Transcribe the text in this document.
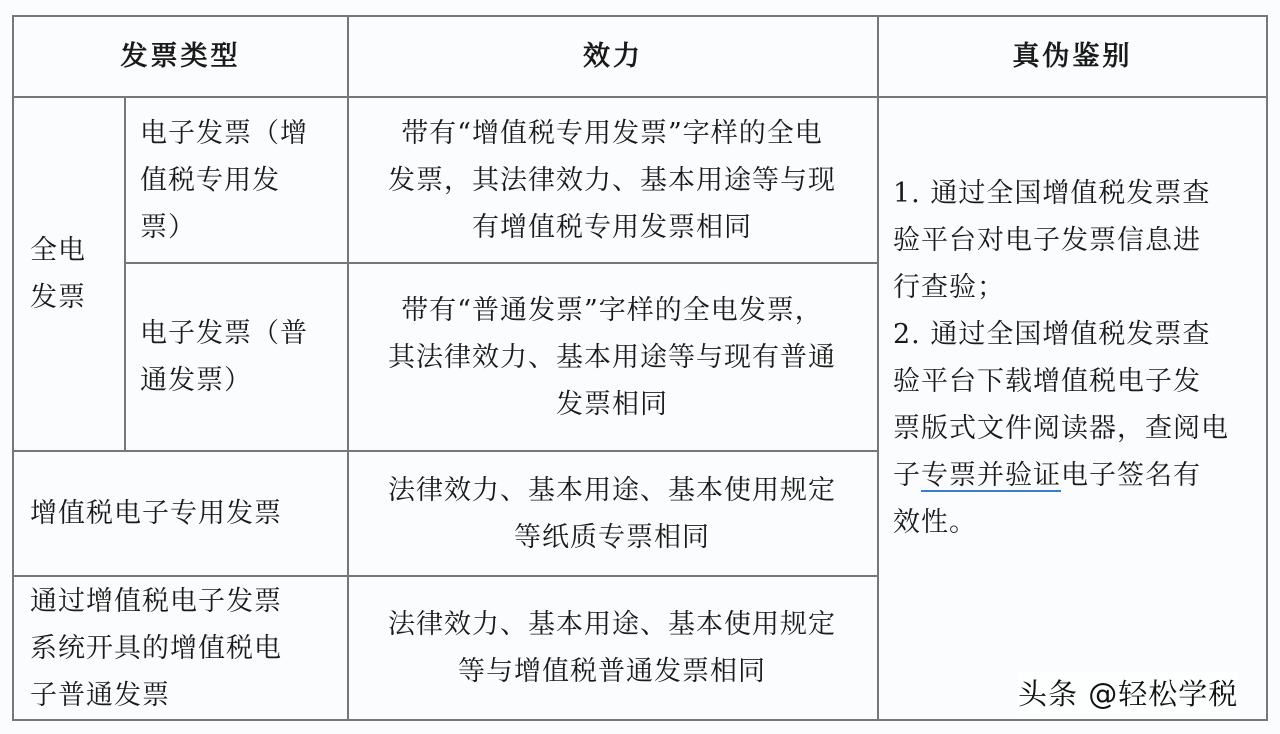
发票类型	效力	真伪鉴别
全电
发票
电子发票（增
值税专用发
票）
带有“增值税专用发票”字样的全电
发票，其法律效力、基本用途等与现
有增值税专用发票相同
电子发票（普
通发票）
带有“普通发票”字样的全电发票，
其法律效力、基本用途等与现有普通
发票相同
增值税电子专用发票
法律效力、基本用途、基本使用规定
等纸质专票相同
通过增值税电子发票
系统开具的增值税电
子普通发票
法律效力、基本用途、基本使用规定
等与增值税普通发票相同
1. 通过全国增值税发票查
验平台对电子发票信息进
行查验；
2. 通过全国增值税发票查
验平台下载增值税电子发
票版式文件阅读器，查阅电
子专票并验证电子签名有
效性。
头条 @轻松学税
